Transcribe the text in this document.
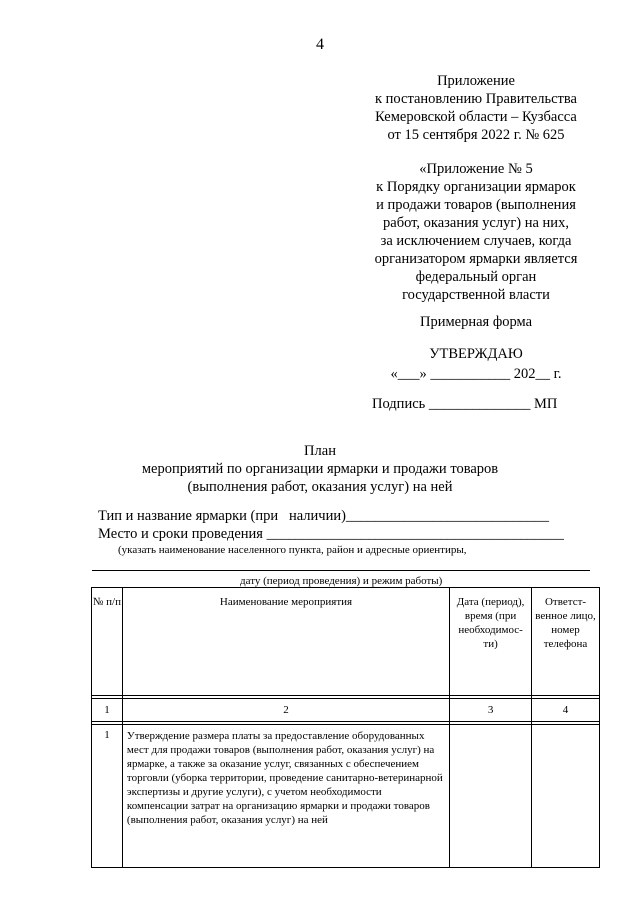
4
Приложение
к постановлению Правительства
Кемеровской области – Кузбасса
от 15 сентября 2022 г. № 625
«Приложение № 5
к Порядку организации ярмарок
и продажи товаров (выполнения
работ, оказания услуг) на них,
за исключением случаев, когда
организатором ярмарки является
федеральный орган
государственной власти
Примерная форма
УТВЕРЖДАЮ
«___» ___________ 202__ г.
Подпись ______________ МП
План
мероприятий по организации ярмарки и продажи товаров
(выполнения работ, оказания услуг) на ней
Тип и название ярмарки (при   наличии)____________________________
Место и сроки проведения _________________________________________
(указать наименование населенного пункта, район и адресные ориентиры,
дату (период проведения) и режим работы)
№ п/п	Наименование мероприятия	Дата (период), время (при необходимос- ти)	Ответст- венное лицо, номер телефона

1	2	3	4

1	Утверждение размера платы за предоставление оборудованных мест для продажи товаров (выполнения работ, оказания услуг) на ярмарке, а также за оказание услуг, связанных с обеспечением торговли (уборка территории, проведение санитарно-ветеринарной экспертизы и другие услуги), с учетом необходимости компенсации затрат на организацию ярмарки и продажи товаров (выполнения работ, оказания услуг) на ней		
